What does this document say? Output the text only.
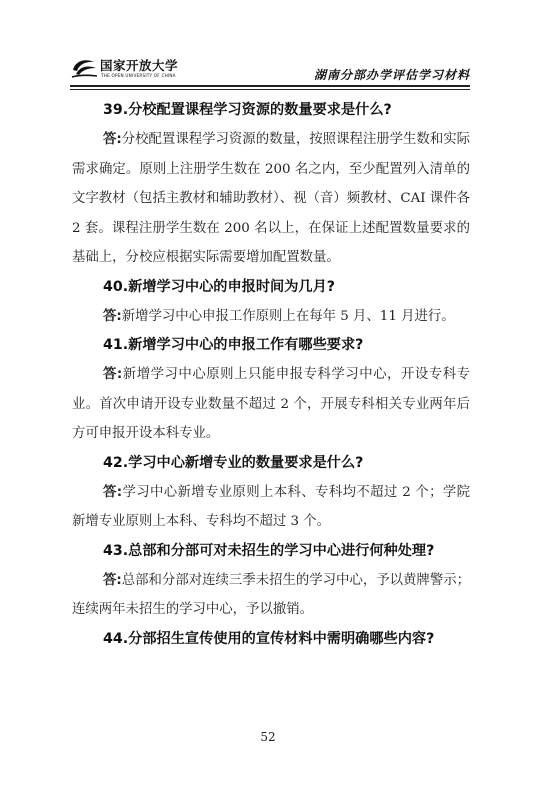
国家开放大学
THE OPEN UNIVERSITY OF CHINA	湖南分部办学评估学习材料

39.分校配置课程学习资源的数量要求是什么?

答:分校配置课程学习资源的数量，按照课程注册学生数和实际需求确定。原则上注册学生数在 200 名之内，至少配置列入清单的文字教材（包括主教材和辅助教材）、视（音）频教材、CAI 课件各 2 套。课程注册学生数在 200 名以上，在保证上述配置数量要求的基础上，分校应根据实际需要增加配置数量。

40.新增学习中心的申报时间为几月?

答:新增学习中心申报工作原则上在每年 5 月、11 月进行。

41.新增学习中心的申报工作有哪些要求?

答:新增学习中心原则上只能申报专科学习中心，开设专科专业。首次申请开设专业数量不超过 2 个，开展专科相关专业两年后方可申报开设本科专业。

42.学习中心新增专业的数量要求是什么?

答:学习中心新增专业原则上本科、专科均不超过 2 个；学院新增专业原则上本科、专科均不超过 3 个。

43.总部和分部可对未招生的学习中心进行何种处理?

答:总部和分部对连续三季未招生的学习中心，予以黄牌警示；连续两年未招生的学习中心，予以撤销。

44.分部招生宣传使用的宣传材料中需明确哪些内容?

52
